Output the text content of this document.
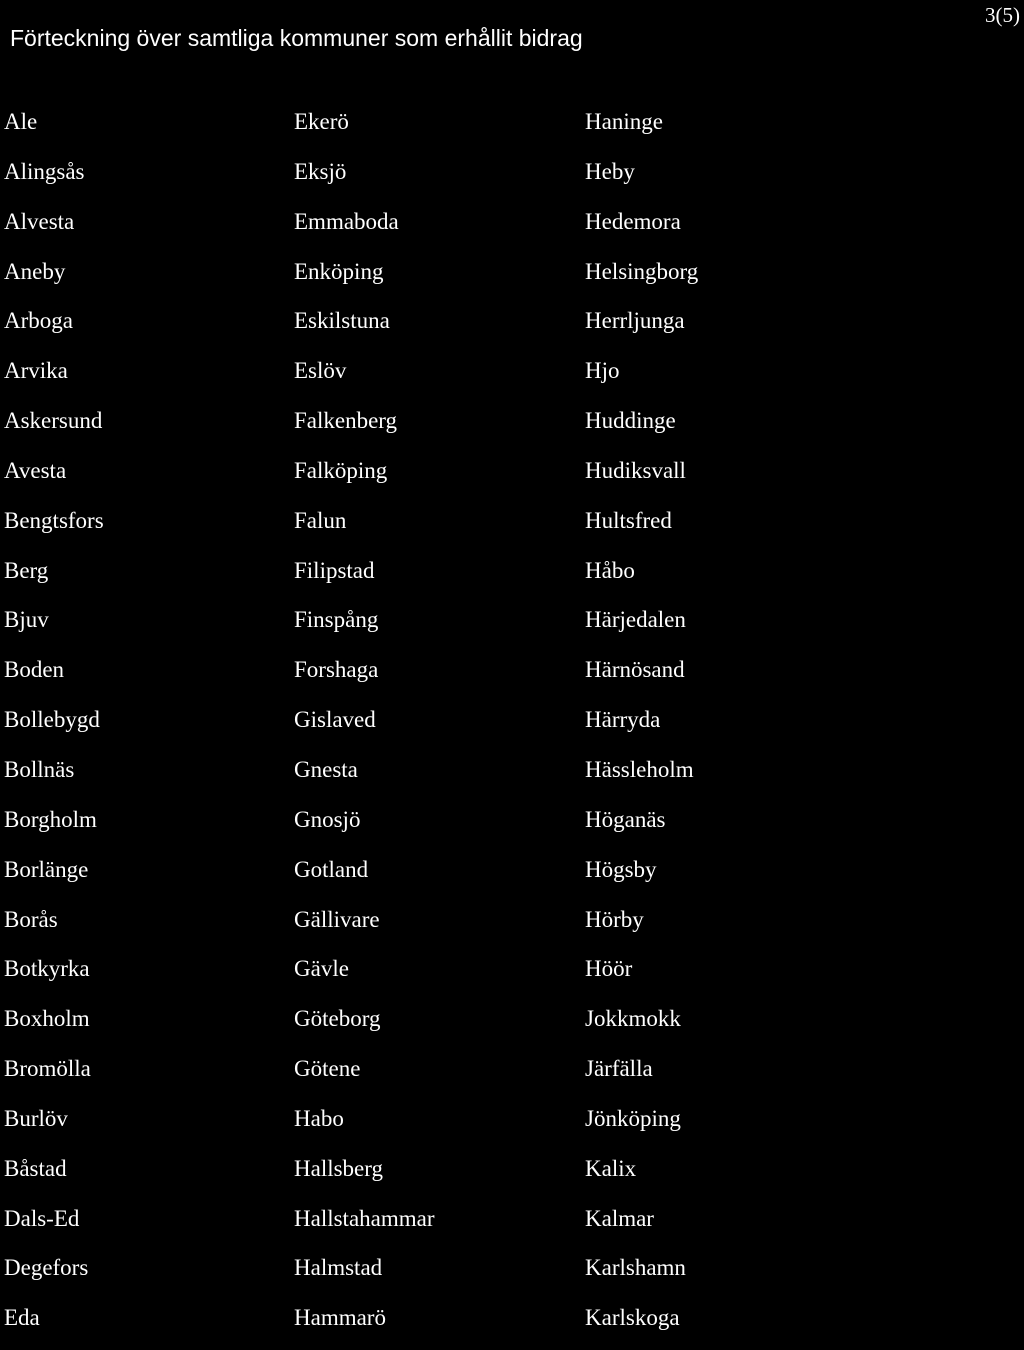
Förteckning över samtliga kommuner som erhållit bidrag
3(5)
Ale
Alingsås
Alvesta
Aneby
Arboga
Arvika
Askersund
Avesta
Bengtsfors
Berg
Bjuv
Boden
Bollebygd
Bollnäs
Borgholm
Borlänge
Borås
Botkyrka
Boxholm
Bromölla
Burlöv
Båstad
Dals-Ed
Degefors
Eda
Ekerö
Eksjö
Emmaboda
Enköping
Eskilstuna
Eslöv
Falkenberg
Falköping
Falun
Filipstad
Finspång
Forshaga
Gislaved
Gnesta
Gnosjö
Gotland
Gällivare
Gävle
Göteborg
Götene
Habo
Hallsberg
Hallstahammar
Halmstad
Hammarö
Haninge
Heby
Hedemora
Helsingborg
Herrljunga
Hjo
Huddinge
Hudiksvall
Hultsfred
Håbo
Härjedalen
Härnösand
Härryda
Hässleholm
Höganäs
Högsby
Hörby
Höör
Jokkmokk
Järfälla
Jönköping
Kalix
Kalmar
Karlshamn
Karlskoga
